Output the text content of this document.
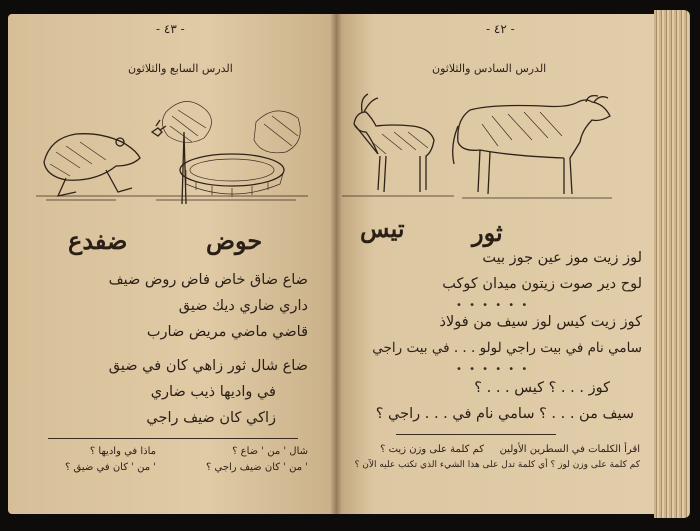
- ٤٣ -
الدرس السابع والثلاثون
ضفدع	حوض
ضاع ضاق خاض فاض روض ضيف
داري ضاري ديك ضيق
قاضي ماضي مريض ضارب
ضاع شال ثور زاهي كان في ضيق
في واديها ذيب ضاري
زاكي كان ضيف راجي
شال ' من ' ضاع ؟
ماذا في واديها ؟
' من ' كان ضيف راجي ؟
' من ' كان في ضيق ؟
- ٤٢ -
الدرس السادس والثلاثون
تيس	ثور
لوز زيت موز عين جوز بيت
لوح دير صوت زيتون ميدان كوكب
• • • • • •
كوز زيت كيس لوز سيف من فولاذ
سامي نام في بيت راجي لولو . . . في بيت راجي
• • • • • •
كوز . . . ؟ كيس . . . ؟
سيف من . . . ؟ سامي نام في . . . راجي ؟
اقرأ الكلمات في السطرين الأولين
كم كلمة على وزن زيت ؟
كم كلمة على وزن لوز ؟ أي كلمة تدل على هذا الشيء الذي تكتب عليه الآن ؟
